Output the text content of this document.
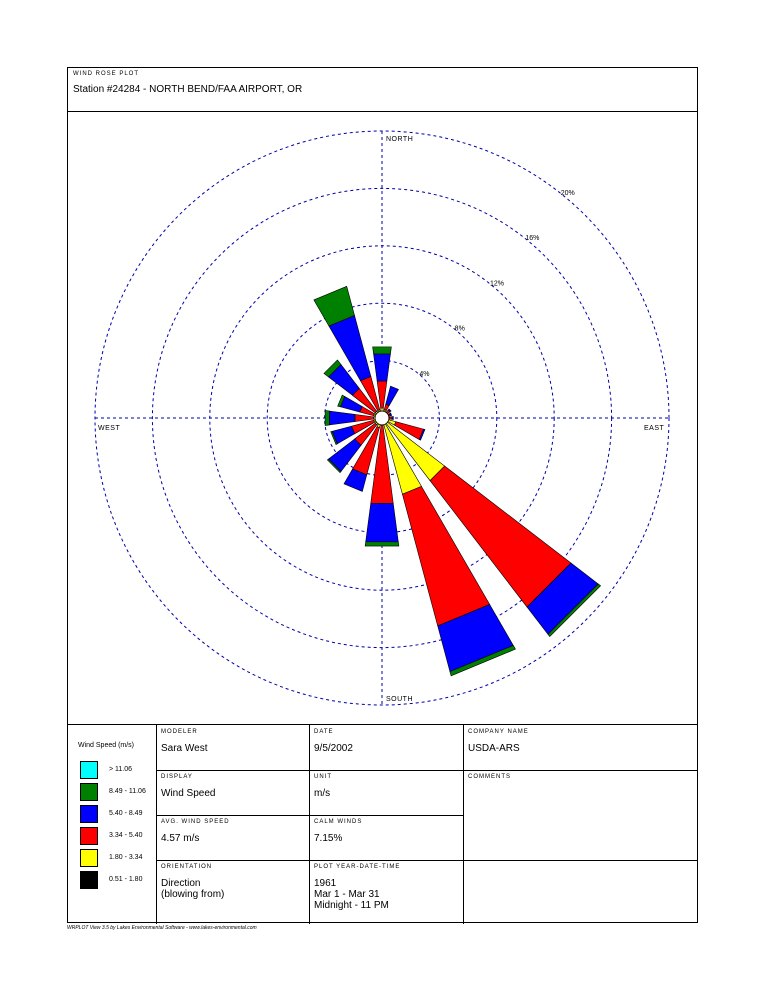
WIND ROSE PLOT
Station #24284 - NORTH BEND/FAA AIRPORT, OR
4%
8%
12%
16%
20%
NORTH
SOUTH
EAST
WEST
Wind Speed (m/s)
> 11.06
8.49 - 11.06
5.40 - 8.49
3.34 - 5.40
1.80 - 3.34
0.51 - 1.80
MODELER
Sara West
DATE
9/5/2002
COMPANY NAME
USDA-ARS
DISPLAY
Wind Speed
UNIT
m/s
COMMENTS
AVG. WIND SPEED
4.57 m/s
CALM WINDS
7.15%
ORIENTATION
Direction
(blowing from)
PLOT YEAR-DATE-TIME
1961
Mar 1 - Mar 31
Midnight - 11 PM
WRPLOT View 3.5 by Lakes Environmental Software - www.lakes-environmental.com
